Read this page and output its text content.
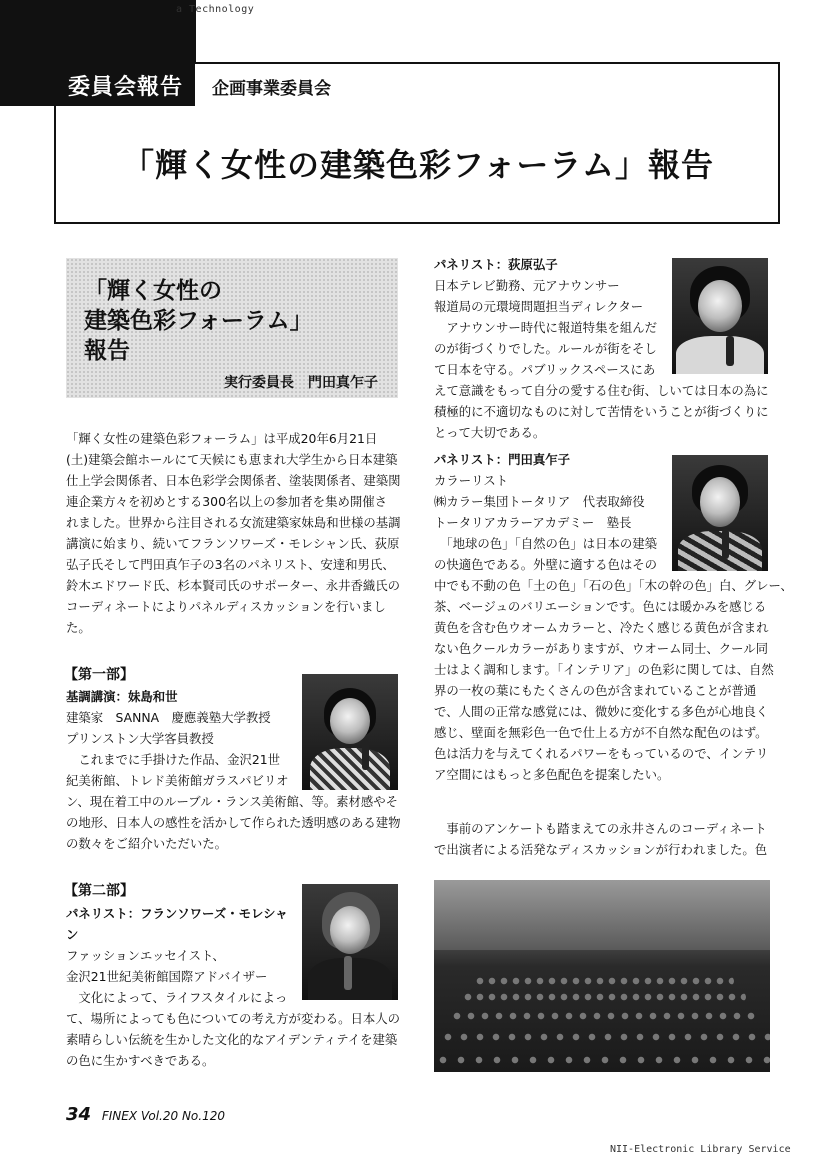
a Technology
委員会報告	企画事業委員会
「輝く女性の建築色彩フォーラム」報告
「輝く女性の
建築色彩フォーラム」
報告
実行委員長　門田真乍子
「輝く女性の建築色彩フォーラム」は平成20年6月21日
(土)建築会館ホールにて天候にも恵まれ大学生から日本建築
仕上学会関係者、日本色彩学会関係者、塗装関係者、建築関
連企業方々を初めとする300名以上の参加者を集め開催さ
れました。世界から注目される女流建築家妹島和世様の基調
講演に始まり、続いてフランソワーズ・モレシャン氏、荻原
弘子氏そして門田真乍子の3名のパネリスト、安達和男氏、
鈴木エドワード氏、杉本賢司氏のサポーター、永井香織氏の
コーディネートによりパネルディスカッションを行いまし
た。
【第一部】
基調講演：妹島和世
建築家　SANNA　慶應義塾大学教授
プリンストン大学客員教授
　これまでに手掛けた作品、金沢21世
紀美術館、トレド美術館ガラスパビリオ
ン、現在着工中のルーブル・ランス美術館、等。素材感やそ
の地形、日本人の感性を活かして作られた透明感のある建物
の数々をご紹介いただいた。
【第二部】
パネリスト：フランソワーズ・モレシャ
ン
ファッションエッセイスト、
金沢21世紀美術館国際アドバイザー
　文化によって、ライフスタイルによっ
て、場所によっても色についての考え方が変わる。日本人の
素晴らしい伝統を生かした文化的なアイデンティテイを建築
の色に生かすべきである。
パネリスト：荻原弘子
日本テレビ勤務、元アナウンサー
報道局の元環境問題担当ディレクター
　アナウンサー時代に報道特集を組んだ
のが街づくりでした。ルールが街をそし
て日本を守る。パブリックスペースにあ
えて意識をもって自分の愛する住む街、しいては日本の為に
積極的に不適切なものに対して苦情をいうことが街づくりに
とって大切である。
パネリスト：門田真乍子
カラーリスト
㈱カラー集団トータリア　代表取締役
トータリアカラーアカデミー　塾長
　「地球の色」「自然の色」は日本の建築
の快適色である。外壁に適する色はその
中でも不動の色「土の色」「石の色」「木の幹の色」白、グレー、
茶、ベージュのバリエーションです。色には暖かみを感じる
黄色を含む色ウオームカラーと、冷たく感じる黄色が含まれ
ない色クールカラーがありますが、ウオーム同士、クール同
士はよく調和します。「インテリア」の色彩に関しては、自然
界の一枚の葉にもたくさんの色が含まれていることが普通
で、人間の正常な感覚には、微妙に変化する多色が心地良く
感じ、壁面を無彩色一色で仕上る方が不自然な配色のはず。
色は活力を与えてくれるパワーをもっているので、インテリ
ア空間にはもっと多色配色を提案したい。
　事前のアンケートも踏まえての永井さんのコーディネート
で出演者による活発なディスカッションが行われました。色
34 FINEX Vol.20 No.120
NII-Electronic Library Service
